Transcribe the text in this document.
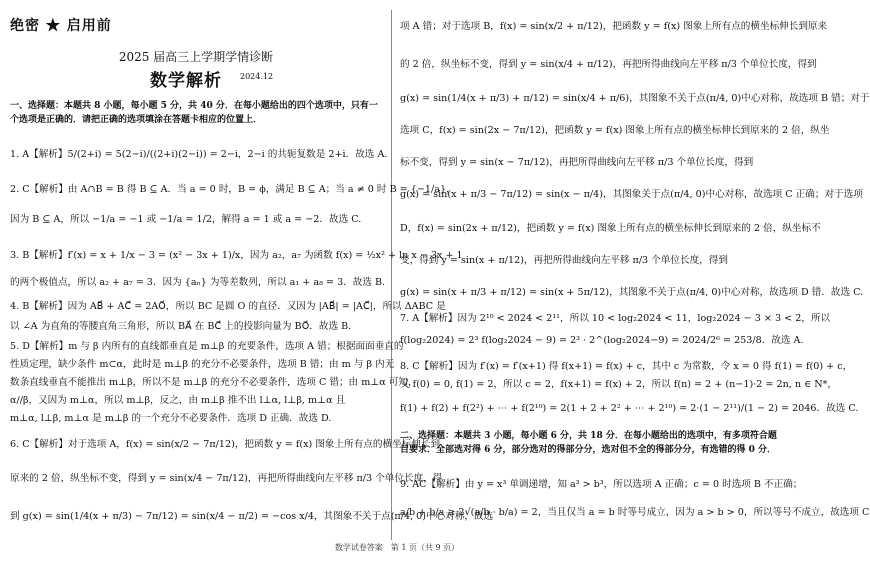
绝密 ★ 启用前
2025 届高三上学期学情诊断
数学解析 2024.12
一、选择题：本题共 8 小题，每小题 5 分，共 40 分．在每小题给出的四个选项中，只有一个选项是正确的．请把正确的选项填涂在答题卡相应的位置上．
1. A【解析】5/(2+i) = 5(2−i)/((2+i)(2−i)) = 2−i，2−i 的共轭复数是 2+i．故选 A.
2. C【解析】由 A∩B = B 得 B ⊆ A．当 a = 0 时，B = ϕ，满足 B ⊆ A；当 a ≠ 0 时 B = {−1/a}，
因为 B ⊆ A，所以 −1/a = −1 或 −1/a = 1/2，解得 a = 1 或 a = −2．故选 C.
3. B【解析】f′(x) = x + 1/x − 3 = (x² − 3x + 1)/x，因为 a₂，a₇ 为函数 f(x) = ½x² + ln x − 3x + 1
的两个极值点，所以 a₂ + a₇ = 3．因为 {aₙ} 为等差数列，所以 a₁ + a₈ = 3．故选 B.
4. B【解析】因为 AB⃗ + AC⃗ = 2AO⃗，所以 BC 是圆 O 的直径．又因为 |AB⃗| = |AC⃗|，所以 ΔABC 是
以 ∠A 为直角的等腰直角三角形，所以 BA⃗ 在 BC⃗ 上的投影向量为 BO⃗．故选 B.
5. D【解析】m 与 β 内所有的直线都垂直是 m⊥β 的充要条件，选项 A 错；根据面面垂直的
性质定理，缺少条件 m⊂α，此时是 m⊥β 的充分不必要条件，选项 B 错；由 m 与 β 内无
数条直线垂直不能推出 m⊥β，所以不是 m⊥β 的充分不必要条件，选项 C 错；由 m⊥α 可知，
α//β，又因为 m⊥α，所以 m⊥β，反之，由 m⊥β 推不出 l⊥α, l⊥β, m⊥α 且
m⊥α, l⊥β, m⊥α 是 m⊥β 的一个充分不必要条件．选项 D 正确．故选 D.
6. C【解析】对于选项 A，f(x) = sin(x/2 − 7π/12)，把函数 y = f(x) 图象上所有点的横坐标伸长到
原来的 2 倍，纵坐标不变，得到 y = sin(x/4 − 7π/12)，再把所得曲线向左平移 π/3 个单位长度，得
到 g(x) = sin(1/4(x + π/3) − 7π/12) = sin(x/4 − π/2) = −cos x/4，其图象不关于点(π/4, 0)中心对称，故选
项 A 错；对于选项 B，f(x) = sin(x/2 + π/12)，把函数 y = f(x) 图象上所有点的横坐标伸长到原来
的 2 倍，纵坐标不变，得到 y = sin(x/4 + π/12)，再把所得曲线向左平移 π/3 个单位长度，得到
g(x) = sin(1/4(x + π/3) + π/12) = sin(x/4 + π/6)，其图象不关于点(π/4, 0)中心对称，故选项 B 错；对于
选项 C，f(x) = sin(2x − 7π/12)，把函数 y = f(x) 图象上所有点的横坐标伸长到原来的 2 倍，纵坐
标不变，得到 y = sin(x − 7π/12)，再把所得曲线向左平移 π/3 个单位长度，得到
g(x) = sin(x + π/3 − 7π/12) = sin(x − π/4)，其图象关于点(π/4, 0)中心对称，故选项 C 正确；对于选项
D，f(x) = sin(2x + π/12)，把函数 y = f(x) 图象上所有点的横坐标伸长到原来的 2 倍，纵坐标不
变，得到 y = sin(x + π/12)，再把所得曲线向左平移 π/3 个单位长度，得到
g(x) = sin(x + π/3 + π/12) = sin(x + 5π/12)，其图象不关于点(π/4, 0)中心对称，故选项 D 错．故选 C.
7. A【解析】因为 2¹⁰ < 2024 < 2¹¹，所以 10 < log₂2024 < 11，log₂2024 − 3 × 3 < 2，所以
f(log₂2024) = 2³ f(log₂2024 − 9) = 2³ · 2^(log₂2024−9) = 2024/2⁶ = 253/8．故选 A.
8. C【解析】因为 f′(x) = f′(x+1) 得 f(x+1) = f(x) + c，其中 c 为常数，令 x = 0 得 f(1) = f(0) + c，
又 f(0) = 0, f(1) = 2，所以 c = 2，f(x+1) = f(x) + 2，所以 f(n) = 2 + (n−1)·2 = 2n, n ∈ N*，
f(1) + f(2) + f(2²) + ⋯ + f(2¹⁰) = 2(1 + 2 + 2² + ⋯ + 2¹⁰) = 2·(1 − 2¹¹)/(1 − 2) = 2046．故选 C.
二、选择题：本题共 3 小题，每小题 6 分，共 18 分．在每小题给出的选项中，有多项符合题目要求．全部选对得 6 分，部分选对的得部分分，选对但不全的得部分分，有选错的得 0 分．
9. AC【解析】由 y = x³ 单调递增，知 a³ > b³，所以选项 A 正确；c = 0 时选项 B 不正确；
a/b + b/a ≥ 2√(a/b · b/a) = 2，当且仅当 a = b 时等号成立，因为 a > b > 0，所以等号不成立，故选项 C
数学试卷答案　第 1 页（共 9 页）
